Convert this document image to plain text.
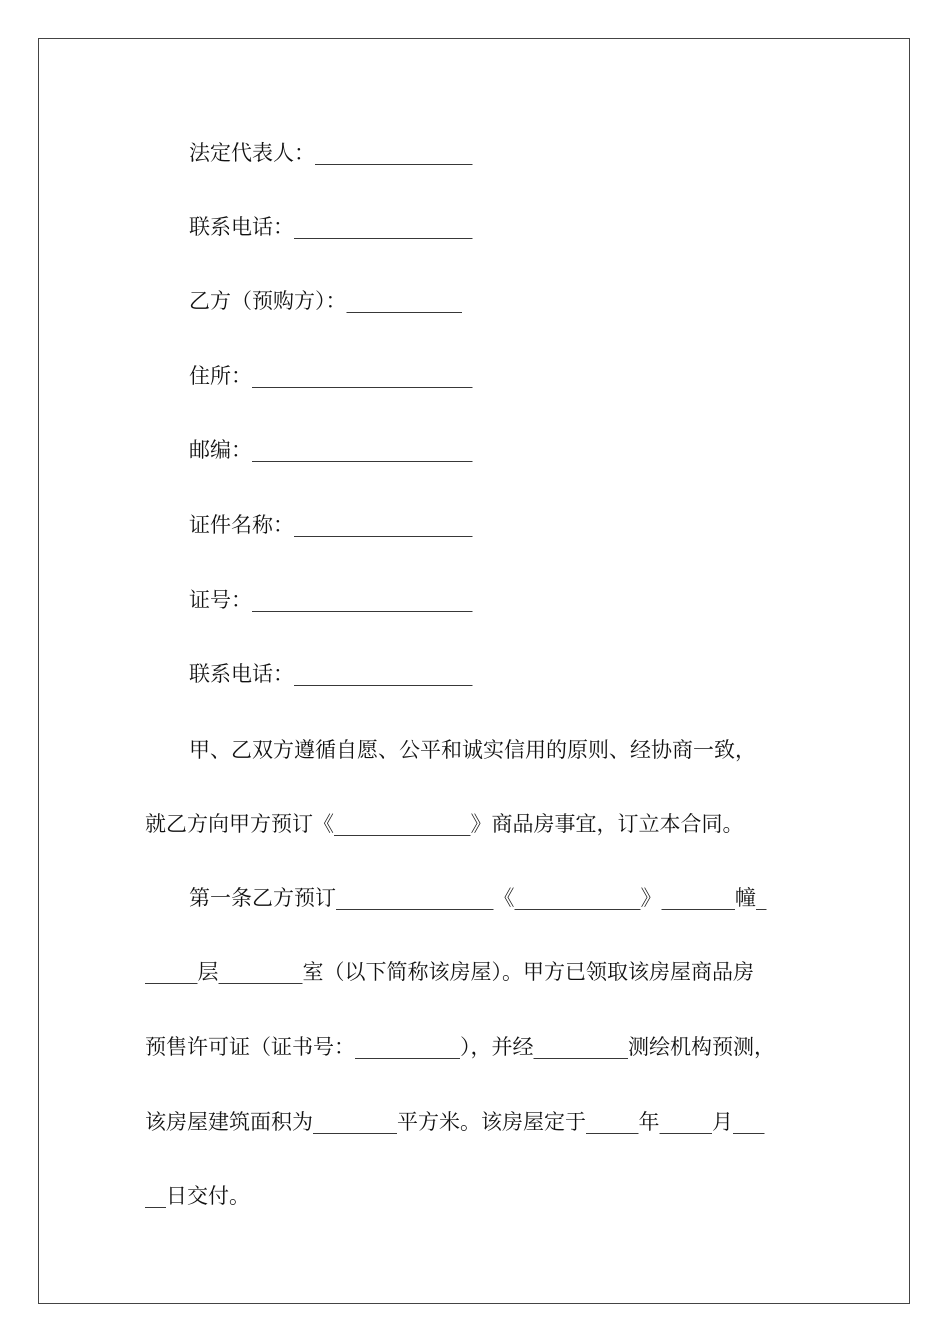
法定代表人：_______________
联系电话：_________________
乙方（预购方）：___________
住所：_____________________
邮编：_____________________
证件名称：_________________
证号：_____________________
联系电话：_________________
甲、乙双方遵循自愿、公平和诚实信用的原则、经协商一致，
就乙方向甲方预订《_____________》商品房事宜，订立本合同。
第一条乙方预订_______________《____________》_______幢_
_____层________室（以下简称该房屋）。甲方已领取该房屋商品房
预售许可证（证书号：__________），并经_________测绘机构预测，
该房屋建筑面积为________平方米。该房屋定于_____年_____月___
__日交付。
